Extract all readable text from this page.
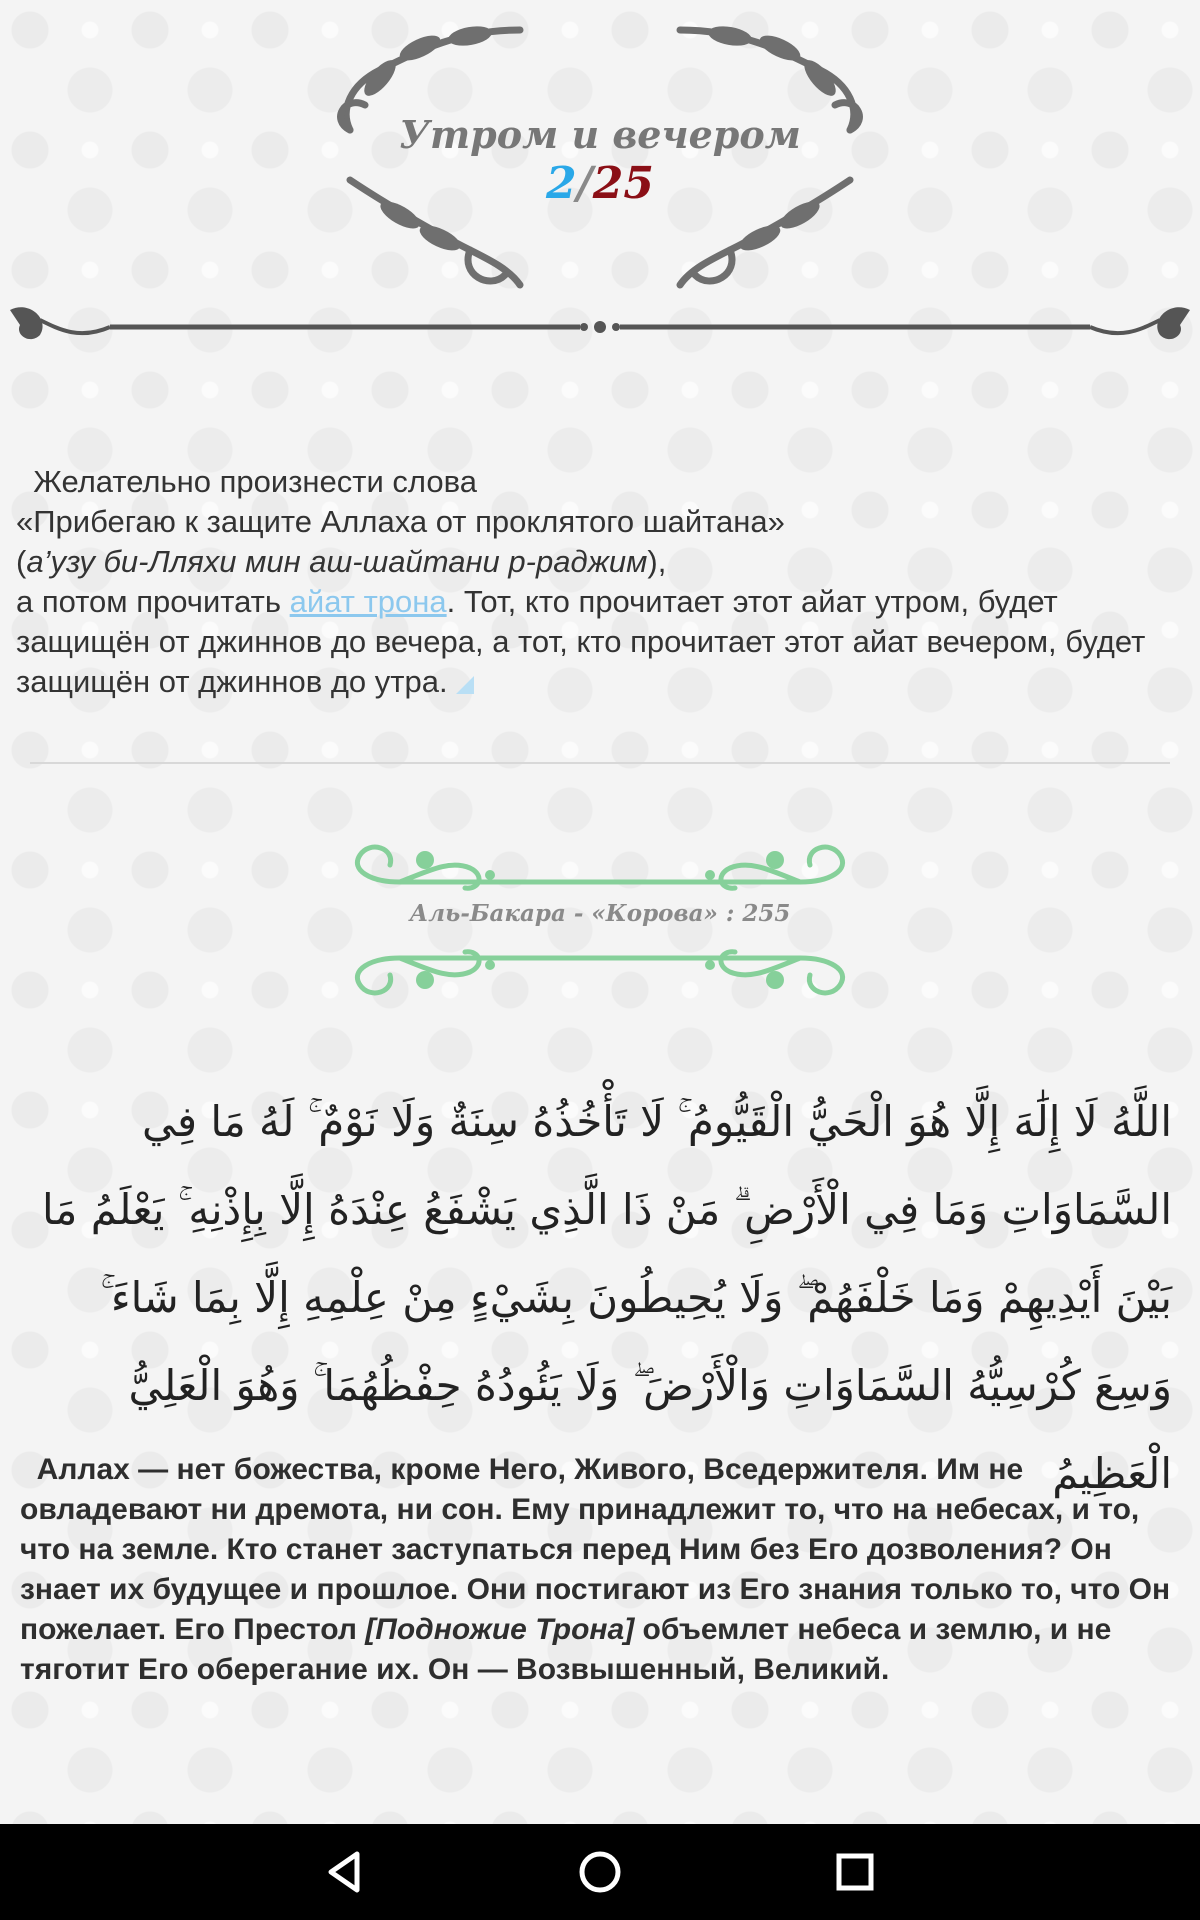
Утром и вечером
2/25

Желательно произнести слова

«Прибегаю к защите Аллаха от проклятого шайтана»

(а’узу би-Лляхи мин аш-шайтани р-раджим),

а потом прочитать айат трона. Тот, кто прочитает этот айат утром, будет защищён от джиннов до вечера, а тот, кто прочитает этот айат вечером, будет защищён от джиннов до утра.

Аль-Бакара - «Корова» : 255
اللَّهُ لَا إِلَٰهَ إِلَّا هُوَ الْحَيُّ الْقَيُّومُ ۚ لَا تَأْخُذُهُ سِنَةٌ وَلَا نَوْمٌ ۚ لَهُ مَا فِي السَّمَاوَاتِ وَمَا فِي الْأَرْضِ ۗ مَنْ ذَا الَّذِي يَشْفَعُ عِنْدَهُ إِلَّا بِإِذْنِهِ ۚ يَعْلَمُ مَا بَيْنَ أَيْدِيهِمْ وَمَا خَلْفَهُمْ ۖ وَلَا يُحِيطُونَ بِشَيْءٍ مِنْ عِلْمِهِ إِلَّا بِمَا شَاءَ ۚ وَسِعَ كُرْسِيُّهُ السَّمَاوَاتِ وَالْأَرْضَ ۖ وَلَا يَئُودُهُ حِفْظُهُمَا ۚ وَهُوَ الْعَلِيُّ الْعَظِيمُ

Аллах — нет божества, кроме Него, Живого, Вседержителя. Им не овладевают ни дремота, ни сон. Ему принадлежит то, что на небесах, и то, что на земле. Кто станет заступаться перед Ним без Его дозволения? Он знает их будущее и прошлое. Они постигают из Его знания только то, что Он пожелает. Его Престол [Подножие Трона] объемлет небеса и землю, и не тяготит Его оберегание их. Он — Возвышенный, Великий.
